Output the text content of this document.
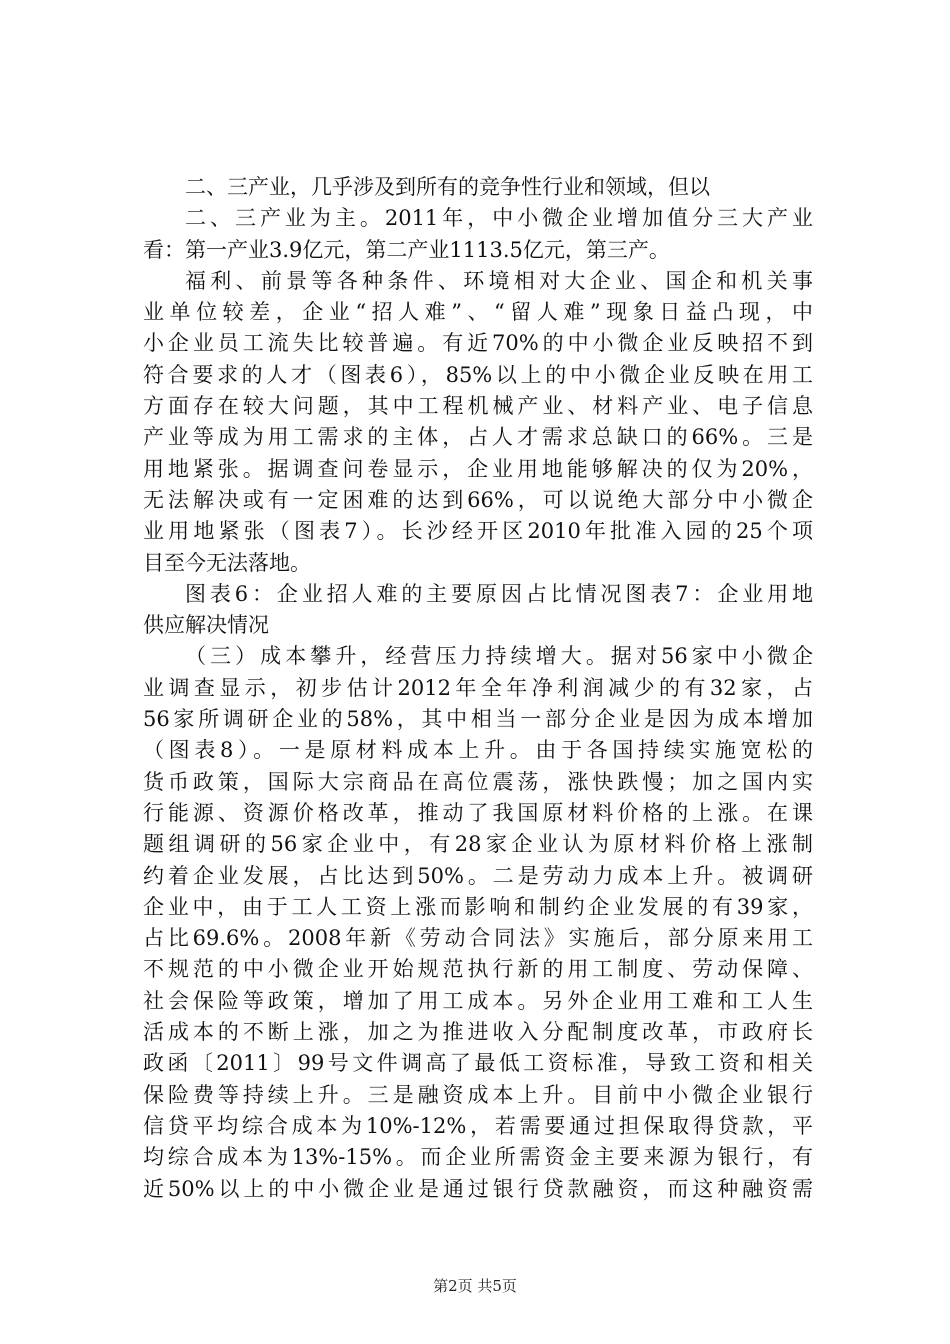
二、三产业，几乎涉及到所有的竞争性行业和领域，但以
二、三产业为主。2011年，中小微企业增加值分三大产业
看：第一产业3.9亿元，第二产业1113.5亿元，第三产。
福利、前景等各种条件、环境相对大企业、国企和机关事
业单位较差，企业“招人难”、“留人难”现象日益凸现，中
小企业员工流失比较普遍。有近70%的中小微企业反映招不到
符合要求的人才（图表6），85%以上的中小微企业反映在用工
方面存在较大问题，其中工程机械产业、材料产业、电子信息
产业等成为用工需求的主体，占人才需求总缺口的66%。三是
用地紧张。据调查问卷显示，企业用地能够解决的仅为20%，
无法解决或有一定困难的达到66%，可以说绝大部分中小微企
业用地紧张（图表7）。长沙经开区2010年批准入园的25个项
目至今无法落地。
图表6：企业招人难的主要原因占比情况图表7：企业用地
供应解决情况
（三）成本攀升，经营压力持续增大。据对56家中小微企
业调查显示，初步估计2012年全年净利润减少的有32家，占
56家所调研企业的58%，其中相当一部分企业是因为成本增加
（图表8）。一是原材料成本上升。由于各国持续实施宽松的
货币政策，国际大宗商品在高位震荡，涨快跌慢；加之国内实
行能源、资源价格改革，推动了我国原材料价格的上涨。在课
题组调研的56家企业中，有28家企业认为原材料价格上涨制
约着企业发展，占比达到50%。二是劳动力成本上升。被调研
企业中，由于工人工资上涨而影响和制约企业发展的有39家，
占比69.6%。2008年新《劳动合同法》实施后，部分原来用工
不规范的中小微企业开始规范执行新的用工制度、劳动保障、
社会保险等政策，增加了用工成本。另外企业用工难和工人生
活成本的不断上涨，加之为推进收入分配制度改革，市政府长
政函〔2011〕99号文件调高了最低工资标准，导致工资和相关
保险费等持续上升。三是融资成本上升。目前中小微企业银行
信贷平均综合成本为10%-12%，若需要通过担保取得贷款，平
均综合成本为13%-15%。而企业所需资金主要来源为银行，有
近50%以上的中小微企业是通过银行贷款融资，而这种融资需
第2页 共5页
